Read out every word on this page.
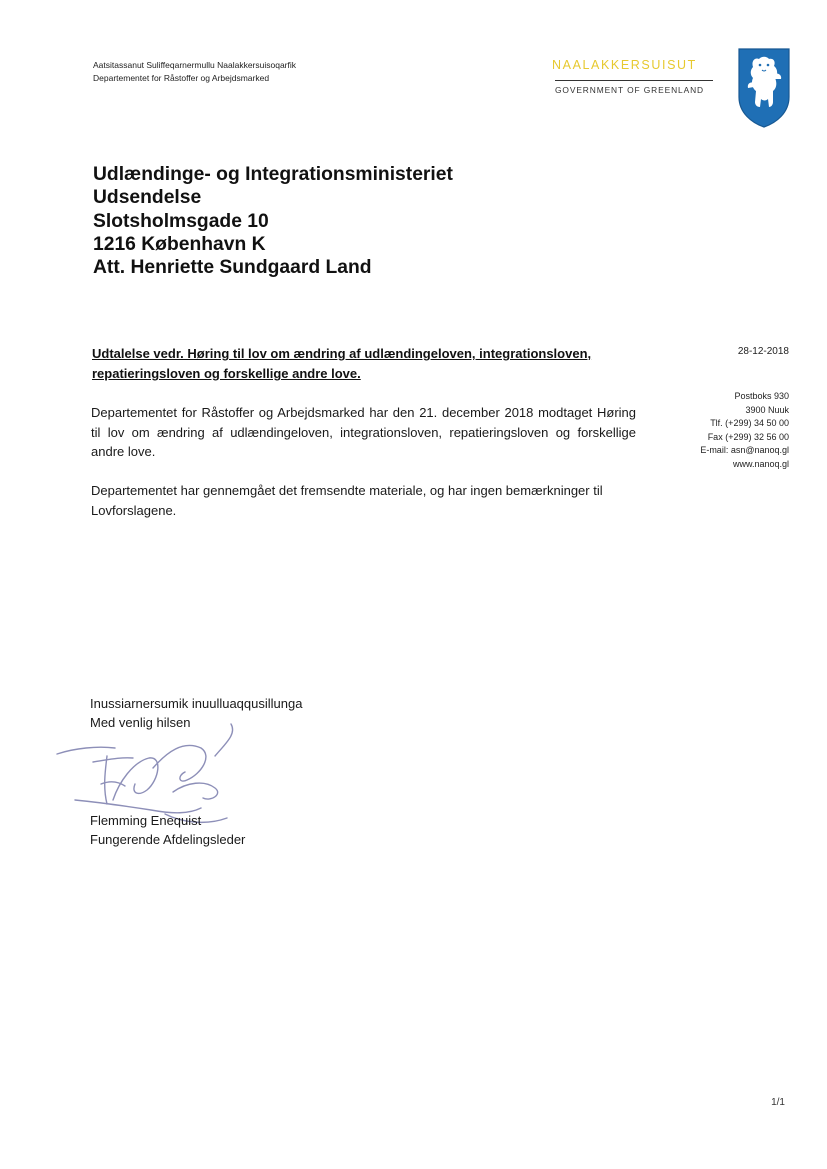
Aatsitassanut Suliffeqarnermullu Naalakkersuisoqarfik
Departementet for Råstoffer og Arbejdsmarked
NAALAKKERSUISUT
GOVERNMENT OF GREENLAND
Udlændinge- og Integrationsministeriet
Udsendelse
Slotsholmsgade 10
1216 København K
Att. Henriette Sundgaard Land
Udtalelse vedr. Høring til lov om ændring af udlændingeloven, integrationsloven,
repatieringsloven og forskellige andre love.
28-12-2018
Postboks 930
3900 Nuuk
Tlf. (+299) 34 50 00
Fax (+299) 32 56 00
E-mail: asn@nanoq.gl
www.nanoq.gl
Departementet for Råstoffer og Arbejdsmarked har den 21. december 2018 modtaget Høring til lov om ændring af udlændingeloven, integrationsloven, repatieringsloven og forskellige andre love.
Departementet har gennemgået det fremsendte materiale, og har ingen bemærkninger til Lovforslagene.
Inussiarnersumik inuulluaqqusillunga
Med venlig hilsen
Flemming Enequist
Fungerende Afdelingsleder
1/1
